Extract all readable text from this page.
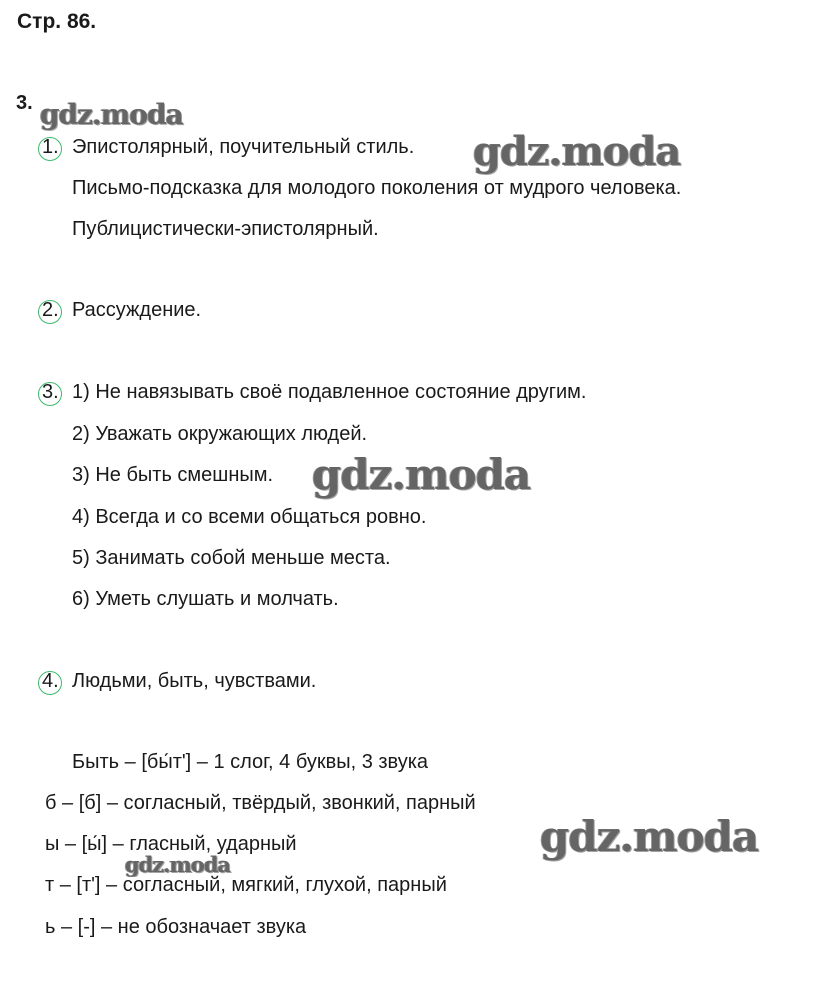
Стр. 86.
3.
1. Эпистолярный, поучительный стиль.
Письмо-подсказка для молодого поколения от мудрого человека.
Публицистически-эпистолярный.
2. Рассуждение.
3. 1) Не навязывать своё подавленное состояние другим.
2) Уважать окружающих людей.
3) Не быть смешным.
4) Всегда и со всеми общаться ровно.
5) Занимать собой меньше места.
6) Уметь слушать и молчать.
4. Людьми, быть, чувствами.
Быть – [бы́т'] – 1 слог, 4 буквы, 3 звука
б – [б] – согласный, твёрдый, звонкий, парный
ы – [ы́] – гласный, ударный
т – [т'] – согласный, мягкий, глухой, парный
ь – [-] – не обозначает звука
gdz.moda
gdz.moda
gdz.moda
gdz.moda
gdz.moda
